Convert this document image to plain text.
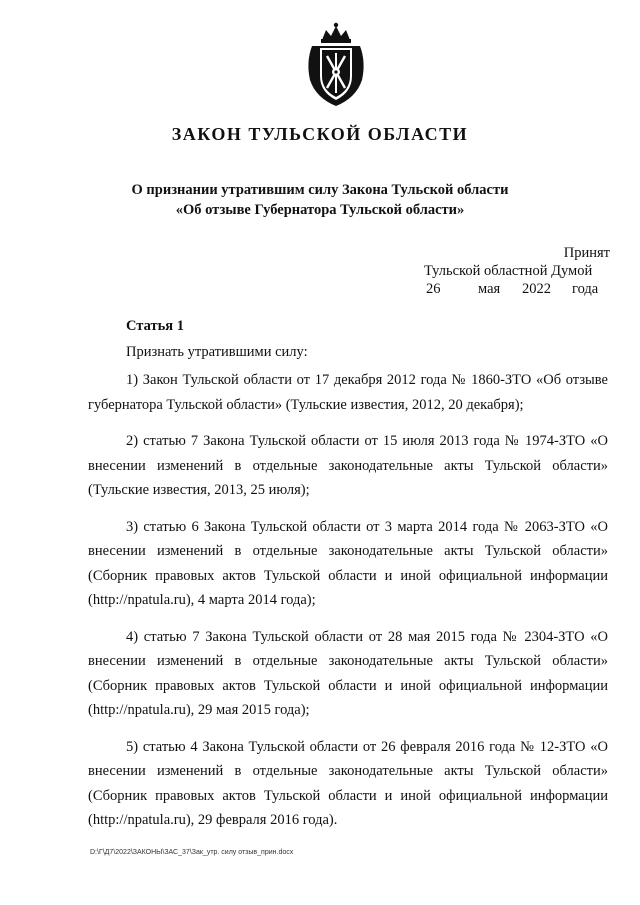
ЗАКОН ТУЛЬСКОЙ ОБЛАСТИ
О признании утратившим силу Закона Тульской области
«Об отзыве Губернатора Тульской области»
Принят
Тульской областной Думой
26	мая 2022 года
Статья 1
Признать утратившими силу:

1) Закон Тульской области от 17 декабря 2012 года № 1860-ЗТО «Об отзыве губернатора Тульской области» (Тульские известия, 2012, 20 декабря);

2) статью 7 Закона Тульской области от 15 июля 2013 года № 1974-ЗТО «О внесении изменений в отдельные законодательные акты Тульской области» (Тульские известия, 2013, 25 июля);

3) статью 6 Закона Тульской области от 3 марта 2014 года № 2063-ЗТО «О внесении изменений в отдельные законодательные акты Тульской области» (Сборник правовых актов Тульской области и иной официальной информации (http://npatula.ru), 4 марта 2014 года);

4) статью 7 Закона Тульской области от 28 мая 2015 года № 2304-ЗТО «О внесении изменений в отдельные законодательные акты Тульской области» (Сборник правовых актов Тульской области и иной официальной информации (http://npatula.ru), 29 мая 2015 года);

5) статью 4 Закона Тульской области от 26 февраля 2016 года № 12-ЗТО «О внесении изменений в отдельные законодательные акты Тульской области» (Сборник правовых актов Тульской области и иной официальной информации (http://npatula.ru), 29 февраля 2016 года).

D:\Г\Д7\2022\ЗАКОНЫ\ЗАС_37\Зак_утр. силу отзыв_прин.docx
